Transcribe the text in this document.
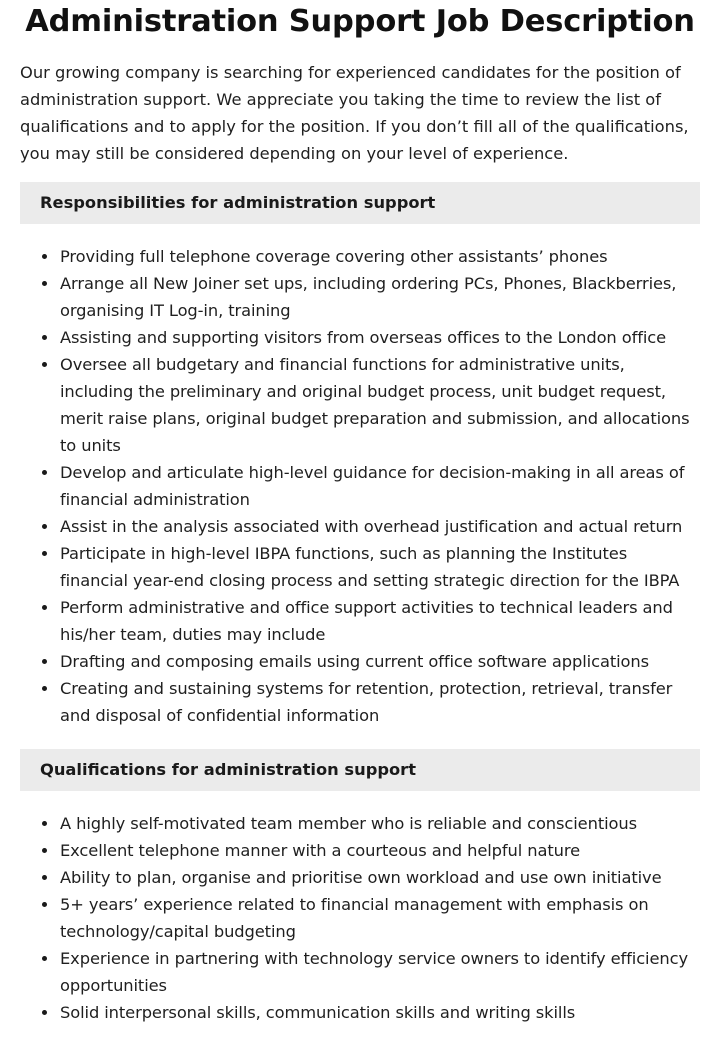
Administration Support Job Description

Our growing company is searching for experienced candidates for the position of administration support. We appreciate you taking the time to review the list of qualifications and to apply for the position. If you don’t fill all of the qualifications, you may still be considered depending on your level of experience.

Responsibilities for administration support
Providing full telephone coverage covering other assistants’ phones
Arrange all New Joiner set ups, including ordering PCs, Phones, Blackberries, organising IT Log-in, training
Assisting and supporting visitors from overseas offices to the London office
Oversee all budgetary and financial functions for administrative units, including the preliminary and original budget process, unit budget request, merit raise plans, original budget preparation and submission, and allocations to units
Develop and articulate high-level guidance for decision-making in all areas of financial administration
Assist in the analysis associated with overhead justification and actual return
Participate in high-level IBPA functions, such as planning the Institutes financial year-end closing process and setting strategic direction for the IBPA
Perform administrative and office support activities to technical leaders and his/her team, duties may include
Drafting and composing emails using current office software applications
Creating and sustaining systems for retention, protection, retrieval, transfer and disposal of confidential information
Qualifications for administration support
A highly self-motivated team member who is reliable and conscientious
Excellent telephone manner with a courteous and helpful nature
Ability to plan, organise and prioritise own workload and use own initiative
5+ years’ experience related to financial management with emphasis on technology/capital budgeting
Experience in partnering with technology service owners to identify efficiency opportunities
Solid interpersonal skills, communication skills and writing skills
